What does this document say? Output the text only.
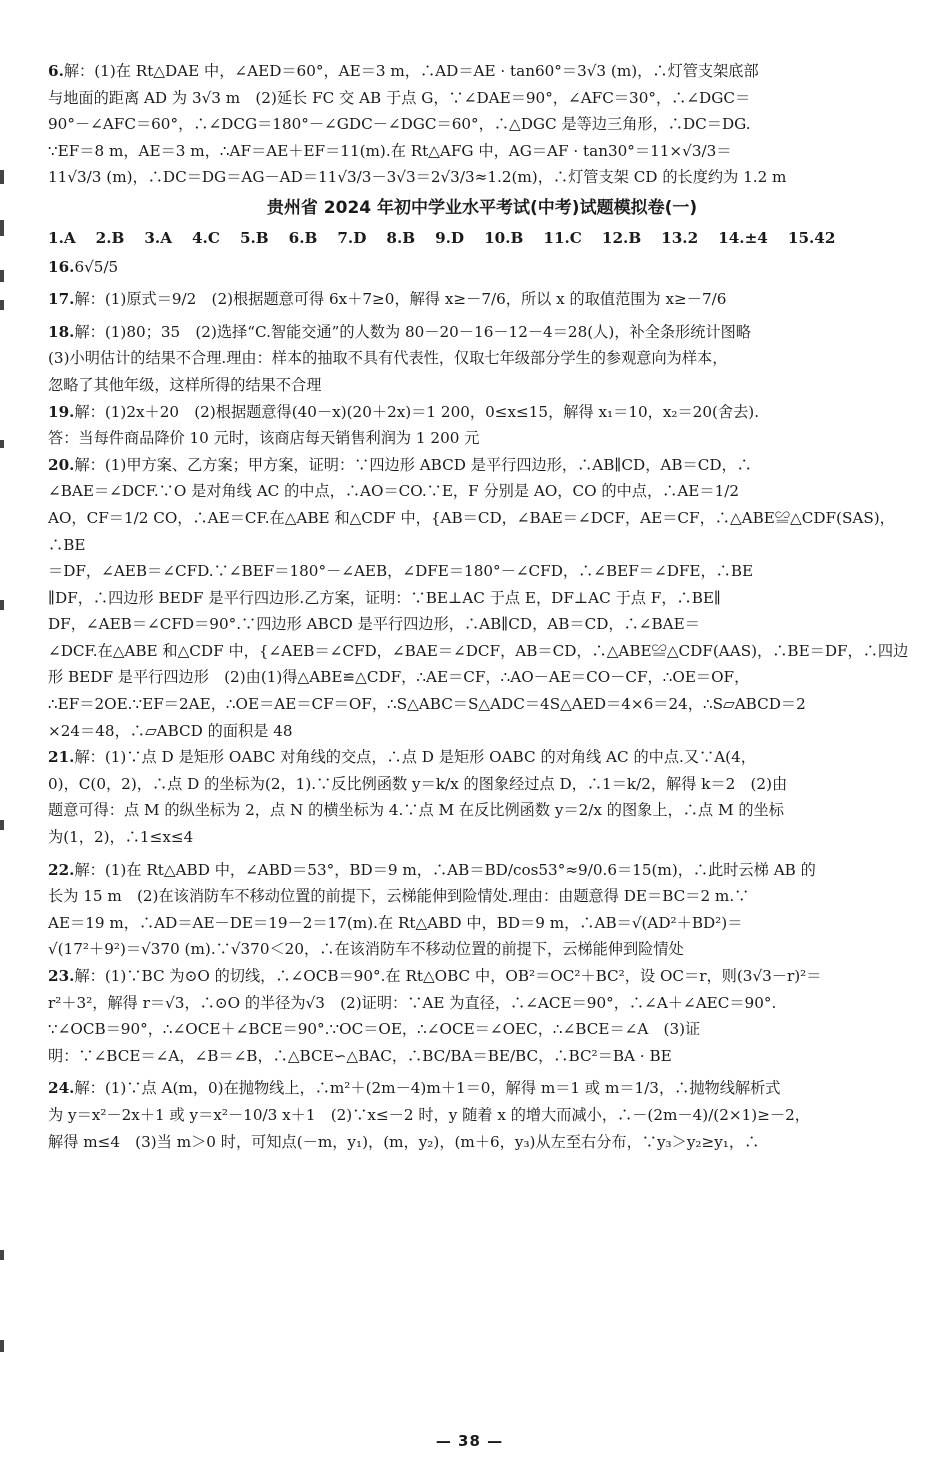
6.解：(1)在 Rt△DAE 中，∠AED＝60°，AE＝3 m，∴AD＝AE · tan60°＝3√3 (m)，∴灯管支架底部
与地面的距离 AD 为 3√3 m　(2)延长 FC 交 AB 于点 G，∵∠DAE＝90°，∠AFC＝30°，∴∠DGC＝
90°－∠AFC＝60°，∴∠DCG＝180°－∠GDC－∠DGC＝60°，∴△DGC 是等边三角形，∴DC＝DG.
∵EF＝8 m，AE＝3 m，∴AF＝AE＋EF＝11(m).在 Rt△AFG 中，AG＝AF · tan30°＝11×√3/3＝
11√3/3 (m)，∴DC＝DG＝AG－AD＝11√3/3－3√3＝2√3/3≈1.2(m)，∴灯管支架 CD 的长度约为 1.2 m
贵州省 2024 年初中学业水平考试(中考)试题模拟卷(一)
1.A 2.B 3.A 4.C 5.B 6.B 7.D 8.B 9.D 10.B 11.C 12.B 13.2 14.±4 15.42
16.6√5/5
17.解：(1)原式＝9/2　(2)根据题意可得 6x＋7≥0，解得 x≥－7/6，所以 x 的取值范围为 x≥－7/6
18.解：(1)80；35　(2)选择“C.智能交通”的人数为 80－20－16－12－4＝28(人)，补全条形统计图略
(3)小明估计的结果不合理.理由：样本的抽取不具有代表性，仅取七年级部分学生的参观意向为样本，
忽略了其他年级，这样所得的结果不合理
19.解：(1)2x＋20　(2)根据题意得(40－x)(20＋2x)＝1 200，0≤x≤15，解得 x₁＝10，x₂＝20(舍去).
答：当每件商品降价 10 元时，该商店每天销售利润为 1 200 元
20.解：(1)甲方案、乙方案；甲方案，证明：∵四边形 ABCD 是平行四边形，∴AB∥CD，AB＝CD，∴
∠BAE＝∠DCF.∵O 是对角线 AC 的中点，∴AO＝CO.∵E，F 分别是 AO，CO 的中点，∴AE＝1/2
AO，CF＝1/2 CO，∴AE＝CF.在△ABE 和△CDF 中，{AB＝CD，∠BAE＝∠DCF，AE＝CF，∴△ABE≌△CDF(SAS)，∴BE
＝DF，∠AEB＝∠CFD.∵∠BEF＝180°－∠AEB，∠DFE＝180°－∠CFD，∴∠BEF＝∠DFE，∴BE
∥DF，∴四边形 BEDF 是平行四边形.乙方案，证明：∵BE⊥AC 于点 E，DF⊥AC 于点 F，∴BE∥
DF，∠AEB＝∠CFD＝90°.∵四边形 ABCD 是平行四边形，∴AB∥CD，AB＝CD，∴∠BAE＝
∠DCF.在△ABE 和△CDF 中，{∠AEB＝∠CFD，∠BAE＝∠DCF，AB＝CD，∴△ABE≌△CDF(AAS)，∴BE＝DF，∴四边
形 BEDF 是平行四边形　(2)由(1)得△ABE≌△CDF，∴AE＝CF，∴AO－AE＝CO－CF，∴OE＝OF，
∴EF＝2OE.∵EF＝2AE，∴OE＝AE＝CF＝OF，∴S△ABC＝S△ADC＝4S△AED＝4×6＝24，∴S▱ABCD＝2
×24＝48，∴▱ABCD 的面积是 48
21.解：(1)∵点 D 是矩形 OABC 对角线的交点，∴点 D 是矩形 OABC 的对角线 AC 的中点.又∵A(4，
0)，C(0，2)，∴点 D 的坐标为(2，1).∵反比例函数 y＝k/x 的图象经过点 D，∴1＝k/2，解得 k＝2　(2)由
题意可得：点 M 的纵坐标为 2，点 N 的横坐标为 4.∵点 M 在反比例函数 y＝2/x 的图象上，∴点 M 的坐标
为(1，2)，∴1≤x≤4
22.解：(1)在 Rt△ABD 中，∠ABD＝53°，BD＝9 m，∴AB＝BD/cos53°≈9/0.6＝15(m)，∴此时云梯 AB 的
长为 15 m　(2)在该消防车不移动位置的前提下，云梯能伸到险情处.理由：由题意得 DE＝BC＝2 m.∵
AE＝19 m，∴AD＝AE－DE＝19－2＝17(m).在 Rt△ABD 中，BD＝9 m，∴AB＝√(AD²＋BD²)＝
√(17²＋9²)＝√370 (m).∵√370＜20，∴在该消防车不移动位置的前提下，云梯能伸到险情处
23.解：(1)∵BC 为⊙O 的切线，∴∠OCB＝90°.在 Rt△OBC 中，OB²＝OC²＋BC²，设 OC＝r，则(3√3－r)²＝
r²＋3²，解得 r＝√3，∴⊙O 的半径为√3　(2)证明：∵AE 为直径，∴∠ACE＝90°，∴∠A＋∠AEC＝90°.
∵∠OCB＝90°，∴∠OCE＋∠BCE＝90°.∵OC＝OE，∴∠OCE＝∠OEC，∴∠BCE＝∠A　(3)证
明：∵∠BCE＝∠A，∠B＝∠B，∴△BCE∽△BAC，∴BC/BA＝BE/BC，∴BC²＝BA · BE
24.解：(1)∵点 A(m，0)在抛物线上，∴m²＋(2m－4)m＋1＝0，解得 m＝1 或 m＝1/3，∴抛物线解析式
为 y＝x²－2x＋1 或 y＝x²－10/3 x＋1　(2)∵x≤－2 时，y 随着 x 的增大而减小，∴－(2m－4)/(2×1)≥－2，
解得 m≤4　(3)当 m＞0 时，可知点(－m，y₁)，(m，y₂)，(m＋6，y₃)从左至右分布，∵y₃＞y₂≥y₁，∴
— 38 —
